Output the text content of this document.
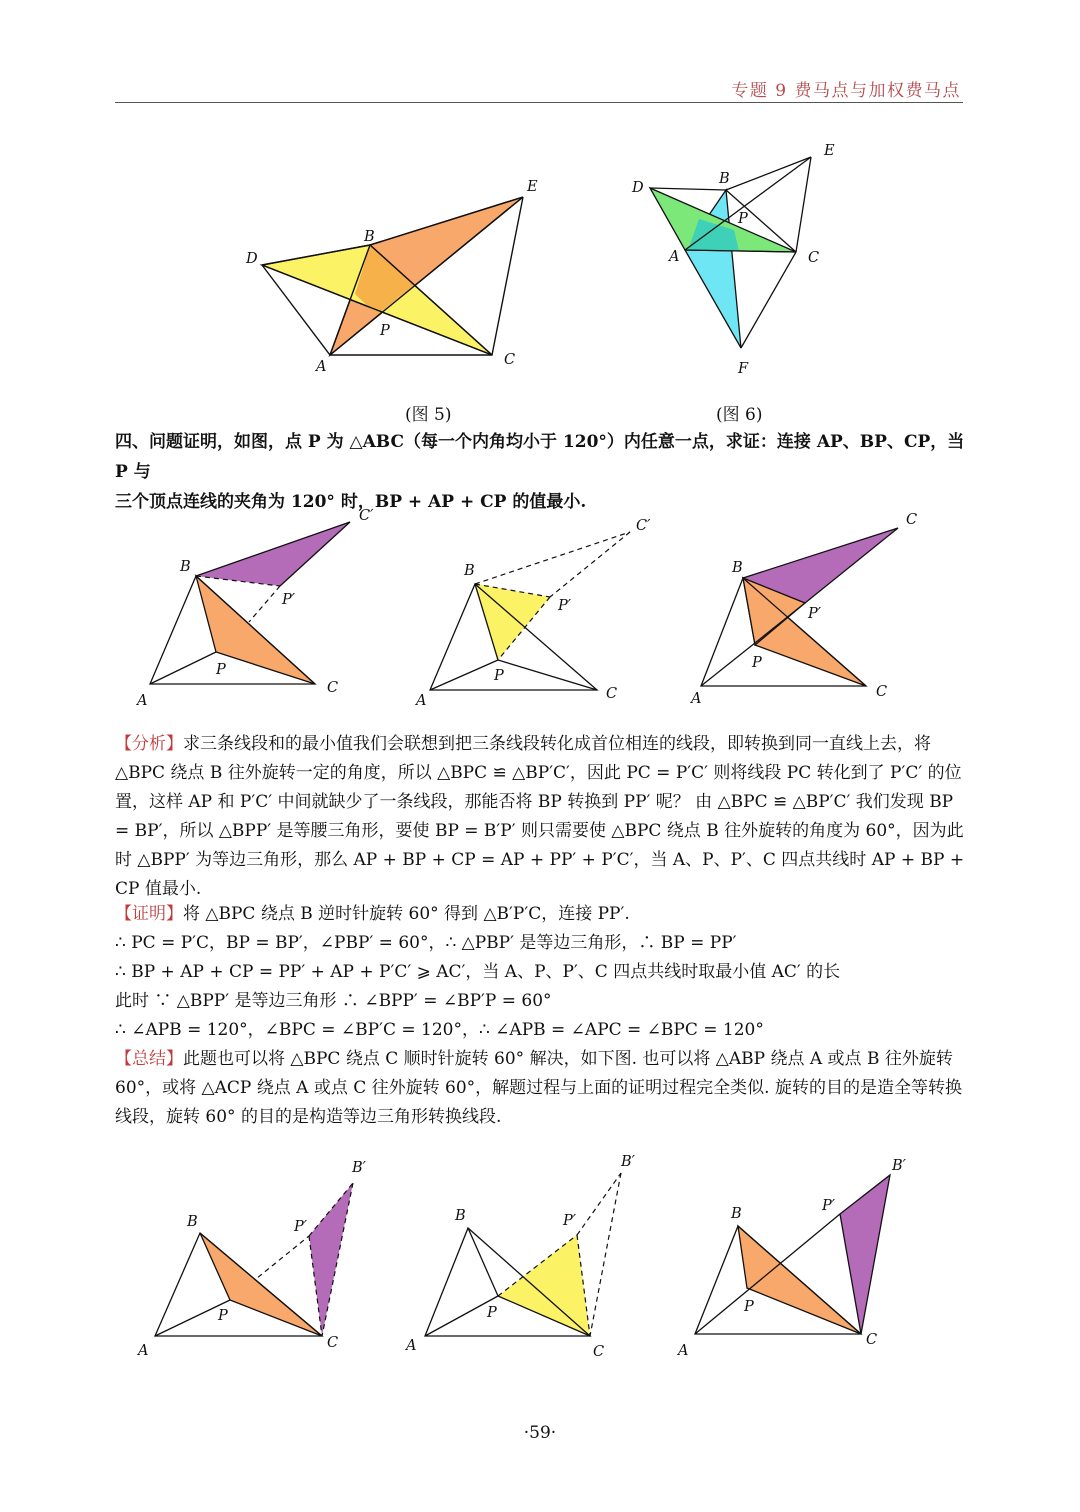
专题 9 费马点与加权费马点
E
B
D
P
C
A
(图 5)
E
B
D
P
A	C
F
(图 6)
四、问题证明，如图，点 P 为 △ABC（每一个内角均小于 120°）内任意一点，求证：连接 AP、BP、CP，当 P 与
三个顶点连线的夹角为 120° 时，BP + AP + CP 的值最小.
C′
B
P′
P
C
A
C′
B
P′
P
C
A
C
B
P′
P
C
A

【分析】求三条线段和的最小值我们会联想到把三条线段转化成首位相连的线段，即转换到同一直线上去，将 △BPC 绕点 B 往外旋转一定的角度，所以 △BPC ≌ △BP′C′，因此 PC = P′C′ 则将线段 PC 转化到了 P′C′ 的位置，这样 AP 和 P′C′ 中间就缺少了一条线段，那能否将 BP 转换到 PP′ 呢？ 由 △BPC ≌ △BP′C′ 我们发现 BP = BP′，所以 △BPP′ 是等腰三角形，要使 BP = B′P′ 则只需要使 △BPC 绕点 B 往外旋转的角度为 60°，因为此时 △BPP′ 为等边三角形，那么 AP + BP + CP = AP + PP′ + P′C′，当 A、P、P′、C 四点共线时 AP + BP + CP 值最小.

【证明】将 △BPC 绕点 B 逆时针旋转 60° 得到 △B′P′C，连接 PP′.
∴ PC = P′C，BP = BP′，∠PBP′ = 60°，∴ △PBP′ 是等边三角形，∴ BP = PP′
∴ BP + AP + CP = PP′ + AP + P′C′ ⩾ AC′，当 A、P、P′、C 四点共线时取最小值 AC′ 的长
此时 ∵ △BPP′ 是等边三角形 ∴ ∠BPP′ = ∠BP′P = 60°
∴ ∠APB = 120°，∠BPC = ∠BP′C = 120°，∴ ∠APB = ∠APC = ∠BPC = 120°

【总结】此题也可以将 △BPC 绕点 C 顺时针旋转 60° 解决，如下图. 也可以将 △ABP 绕点 A 或点 B 往外旋转 60°，或将 △ACP 绕点 A 或点 C 往外旋转 60°，解题过程与上面的证明过程完全类似. 旋转的目的是造全等转换线段，旋转 60° 的目的是构造等边三角形转换线段.

B′
B	P′
P
C
A
B′
B	P′
P
C
A
B′
B	P′
P
C
A
·59·
